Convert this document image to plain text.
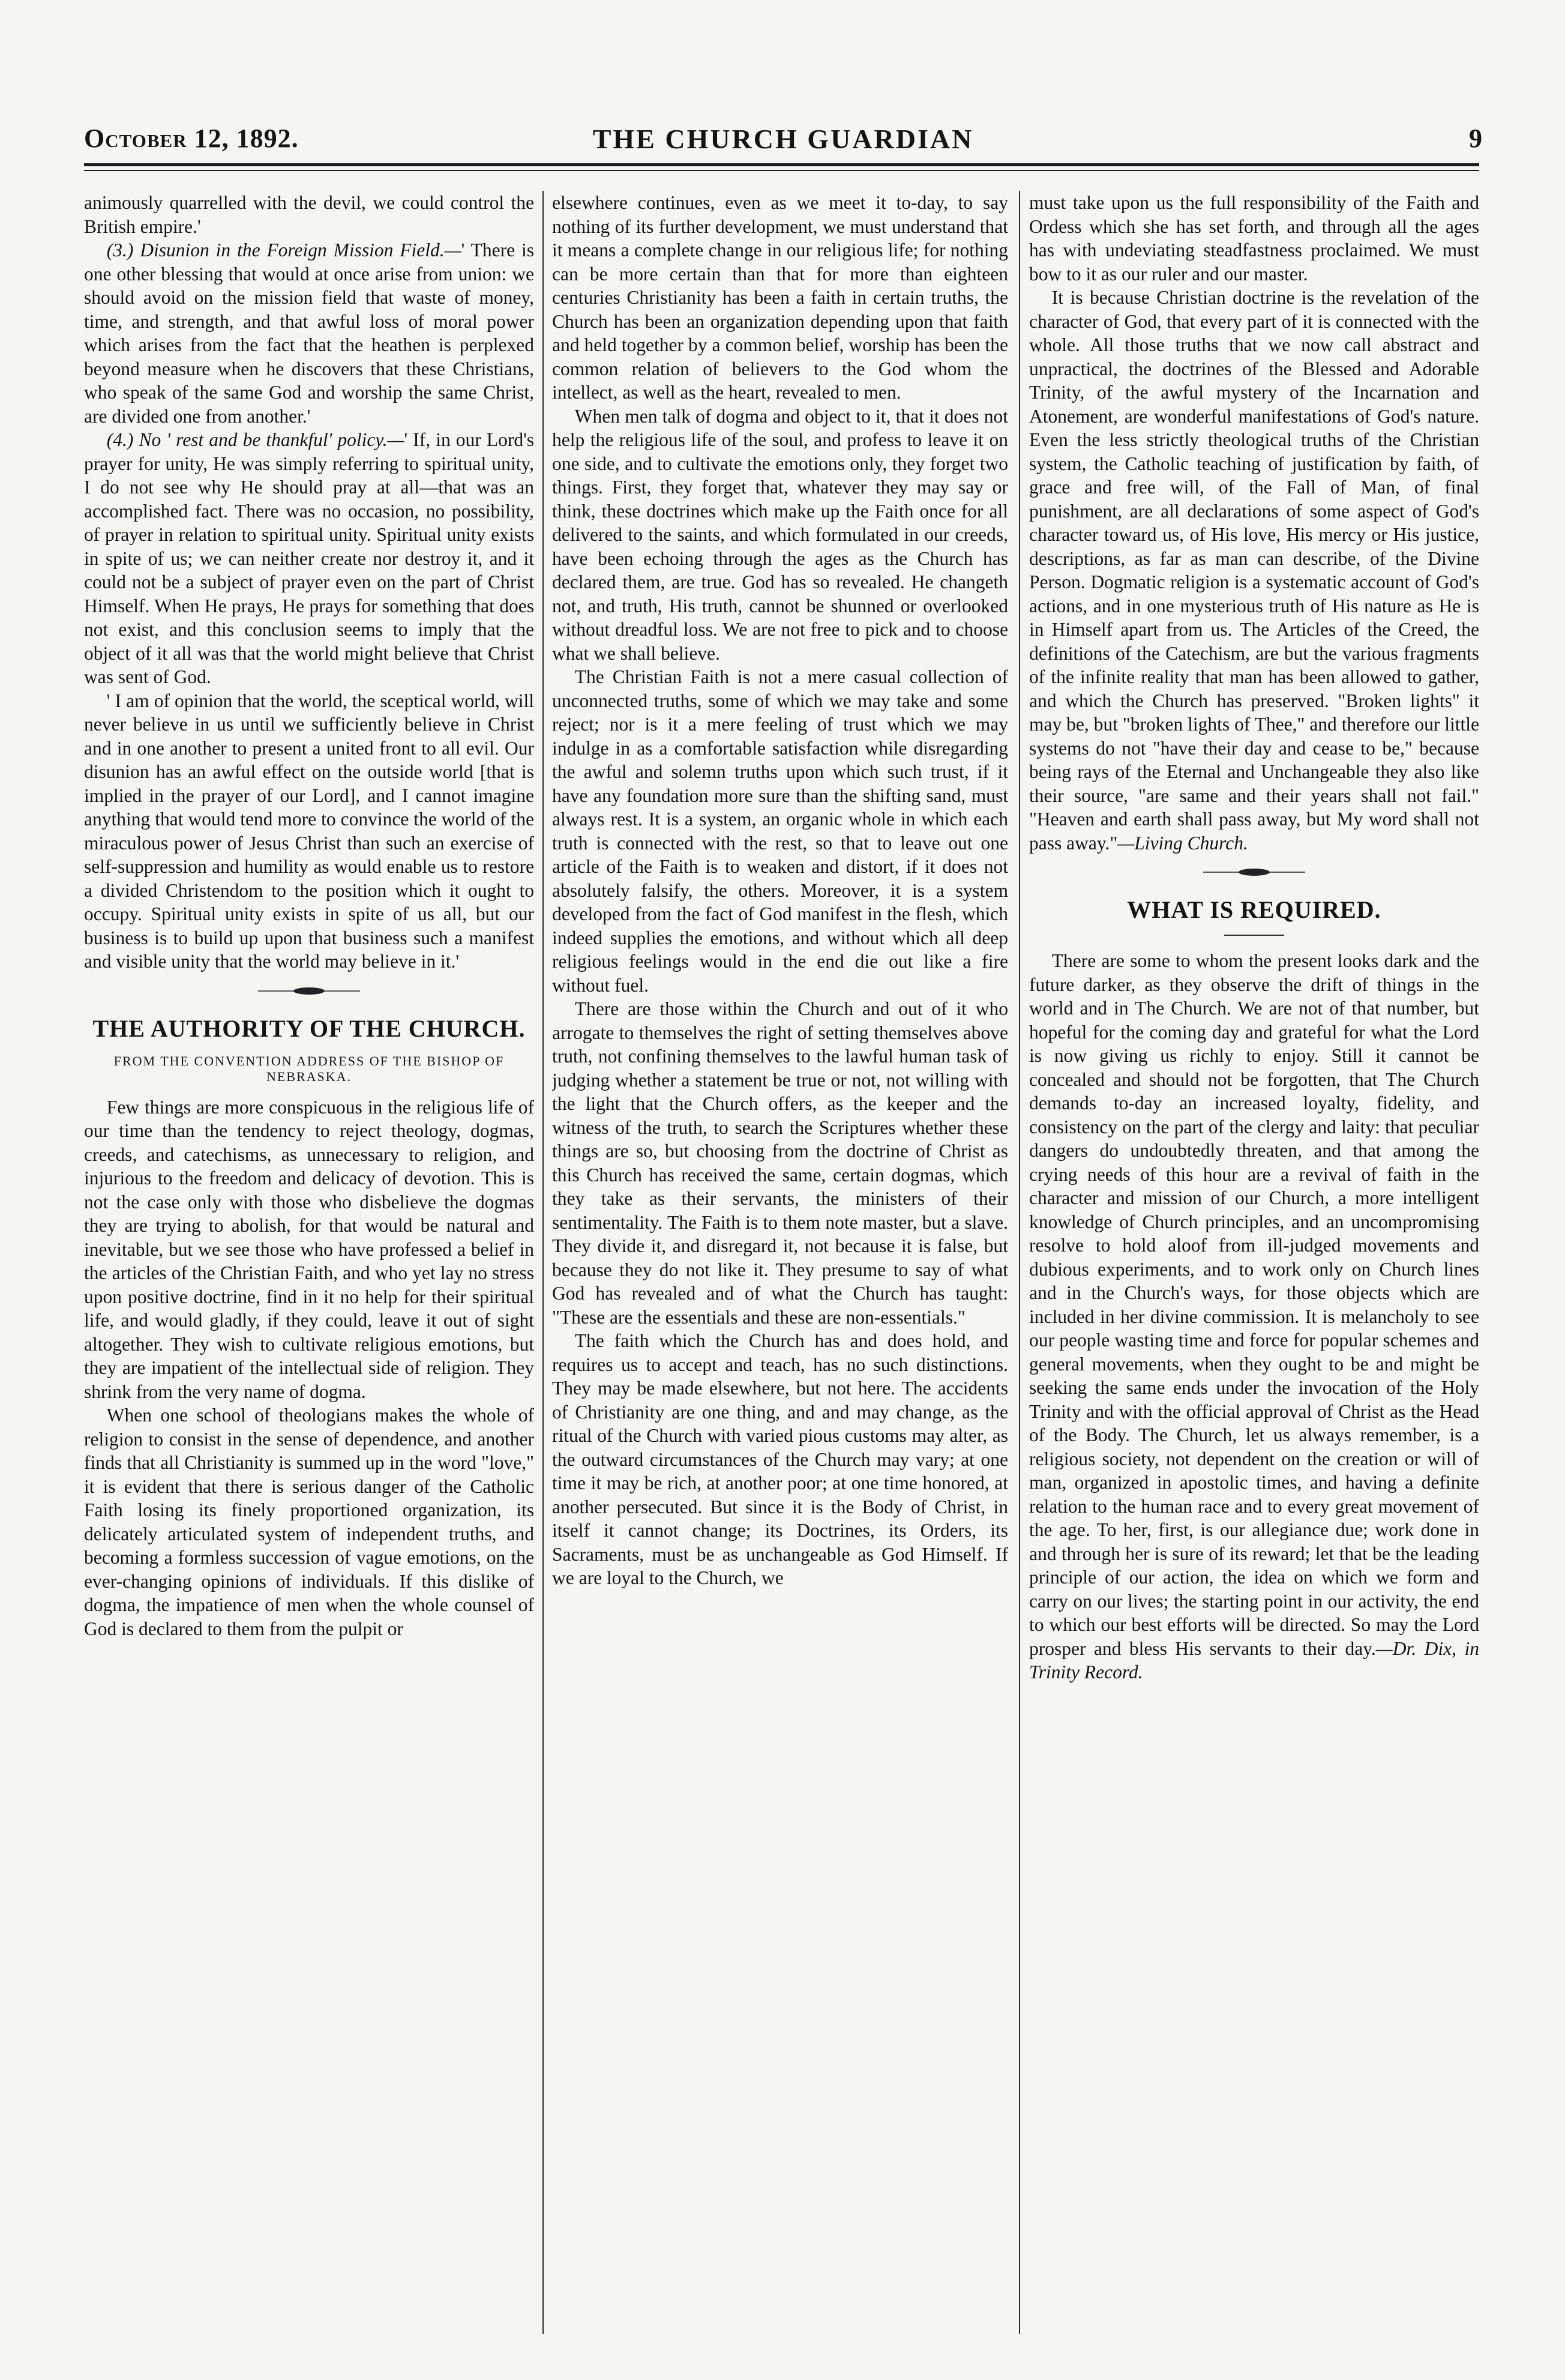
October 12, 1892.	THE CHURCH GUARDIAN	9

animously quarrelled with the devil, we could control the British empire.'

(3.) Disunion in the Foreign Mission Field.—' There is one other blessing that would at once arise from union: we should avoid on the mission field that waste of money, time, and strength, and that awful loss of moral power which arises from the fact that the heathen is perplexed beyond measure when he discovers that these Christians, who speak of the same God and worship the same Christ, are divided one from another.'

(4.) No ' rest and be thankful' policy.—' If, in our Lord's prayer for unity, He was simply referring to spiritual unity, I do not see why He should pray at all—that was an accomplished fact. There was no occasion, no possibility, of prayer in relation to spiritual unity. Spiritual unity exists in spite of us; we can neither create nor destroy it, and it could not be a subject of prayer even on the part of Christ Himself. When He prays, He prays for something that does not exist, and this conclusion seems to imply that the object of it all was that the world might believe that Christ was sent of God.

' I am of opinion that the world, the sceptical world, will never believe in us until we sufficiently believe in Christ and in one another to present a united front to all evil. Our disunion has an awful effect on the outside world [that is implied in the prayer of our Lord], and I cannot imagine anything that would tend more to convince the world of the miraculous power of Jesus Christ than such an exercise of self-suppression and humility as would enable us to restore a divided Christendom to the position which it ought to occupy. Spiritual unity exists in spite of us all, but our business is to build up upon that business such a manifest and visible unity that the world may believe in it.'

THE AUTHORITY OF THE CHURCH.
FROM THE CONVENTION ADDRESS OF THE BISHOP OF NEBRASKA.

Few things are more conspicuous in the religious life of our time than the tendency to reject theology, dogmas, creeds, and catechisms, as unnecessary to religion, and injurious to the freedom and delicacy of devotion. This is not the case only with those who disbelieve the dogmas they are trying to abolish, for that would be natural and inevitable, but we see those who have professed a belief in the articles of the Christian Faith, and who yet lay no stress upon positive doctrine, find in it no help for their spiritual life, and would gladly, if they could, leave it out of sight altogether. They wish to cultivate religious emotions, but they are impatient of the intellectual side of religion. They shrink from the very name of dogma.

When one school of theologians makes the whole of religion to consist in the sense of dependence, and another finds that all Christianity is summed up in the word "love," it is evident that there is serious danger of the Catholic Faith losing its finely proportioned organization, its delicately articulated system of independent truths, and becoming a formless succession of vague emotions, on the ever-changing opinions of individuals. If this dislike of dogma, the impatience of men when the whole counsel of God is declared to them from the pulpit or

elsewhere continues, even as we meet it to-day, to say nothing of its further development, we must understand that it means a complete change in our religious life; for nothing can be more certain than that for more than eighteen centuries Christianity has been a faith in certain truths, the Church has been an organization depending upon that faith and held together by a common belief, worship has been the common relation of believers to the God whom the intellect, as well as the heart, revealed to men.

When men talk of dogma and object to it, that it does not help the religious life of the soul, and profess to leave it on one side, and to cultivate the emotions only, they forget two things. First, they forget that, whatever they may say or think, these doctrines which make up the Faith once for all delivered to the saints, and which formulated in our creeds, have been echoing through the ages as the Church has declared them, are true. God has so revealed. He changeth not, and truth, His truth, cannot be shunned or overlooked without dreadful loss. We are not free to pick and to choose what we shall believe.

The Christian Faith is not a mere casual collection of unconnected truths, some of which we may take and some reject; nor is it a mere feeling of trust which we may indulge in as a comfortable satisfaction while disregarding the awful and solemn truths upon which such trust, if it have any foundation more sure than the shifting sand, must always rest. It is a system, an organic whole in which each truth is connected with the rest, so that to leave out one article of the Faith is to weaken and distort, if it does not absolutely falsify, the others. Moreover, it is a system developed from the fact of God manifest in the flesh, which indeed supplies the emotions, and without which all deep religious feelings would in the end die out like a fire without fuel.

There are those within the Church and out of it who arrogate to themselves the right of setting themselves above truth, not confining themselves to the lawful human task of judging whether a statement be true or not, not willing with the light that the Church offers, as the keeper and the witness of the truth, to search the Scriptures whether these things are so, but choosing from the doctrine of Christ as this Church has received the same, certain dogmas, which they take as their servants, the ministers of their sentimentality. The Faith is to them note master, but a slave. They divide it, and disregard it, not because it is false, but because they do not like it. They presume to say of what God has revealed and of what the Church has taught: "These are the essentials and these are non-essentials."

The faith which the Church has and does hold, and requires us to accept and teach, has no such distinctions. They may be made elsewhere, but not here. The accidents of Christianity are one thing, and and may change, as the ritual of the Church with varied pious customs may alter, as the outward circumstances of the Church may vary; at one time it may be rich, at another poor; at one time honored, at another persecuted. But since it is the Body of Christ, in itself it cannot change; its Doctrines, its Orders, its Sacraments, must be as unchangeable as God Himself. If we are loyal to the Church, we

must take upon us the full responsibility of the Faith and Ordess which she has set forth, and through all the ages has with undeviating steadfastness proclaimed. We must bow to it as our ruler and our master.

It is because Christian doctrine is the revelation of the character of God, that every part of it is connected with the whole. All those truths that we now call abstract and unpractical, the doctrines of the Blessed and Adorable Trinity, of the awful mystery of the Incarnation and Atonement, are wonderful manifestations of God's nature. Even the less strictly theological truths of the Christian system, the Catholic teaching of justification by faith, of grace and free will, of the Fall of Man, of final punishment, are all declarations of some aspect of God's character toward us, of His love, His mercy or His justice, descriptions, as far as man can describe, of the Divine Person. Dogmatic religion is a systematic account of God's actions, and in one mysterious truth of His nature as He is in Himself apart from us. The Articles of the Creed, the definitions of the Catechism, are but the various fragments of the infinite reality that man has been allowed to gather, and which the Church has preserved. "Broken lights" it may be, but "broken lights of Thee," and therefore our little systems do not "have their day and cease to be," because being rays of the Eternal and Unchangeable they also like their source, "are same and their years shall not fail." "Heaven and earth shall pass away, but My word shall not pass away."—Living Church.

WHAT IS REQUIRED.

There are some to whom the present looks dark and the future darker, as they observe the drift of things in the world and in The Church. We are not of that number, but hopeful for the coming day and grateful for what the Lord is now giving us richly to enjoy. Still it cannot be concealed and should not be forgotten, that The Church demands to-day an increased loyalty, fidelity, and consistency on the part of the clergy and laity: that peculiar dangers do undoubtedly threaten, and that among the crying needs of this hour are a revival of faith in the character and mission of our Church, a more intelligent knowledge of Church principles, and an uncompromising resolve to hold aloof from ill-judged movements and dubious experiments, and to work only on Church lines and in the Church's ways, for those objects which are included in her divine commission. It is melancholy to see our people wasting time and force for popular schemes and general movements, when they ought to be and might be seeking the same ends under the invocation of the Holy Trinity and with the official approval of Christ as the Head of the Body. The Church, let us always remember, is a religious society, not dependent on the creation or will of man, organized in apostolic times, and having a definite relation to the human race and to every great movement of the age. To her, first, is our allegiance due; work done in and through her is sure of its reward; let that be the leading principle of our action, the idea on which we form and carry on our lives; the starting point in our activity, the end to which our best efforts will be directed. So may the Lord prosper and bless His servants to their day.—Dr. Dix, in Trinity Record.
